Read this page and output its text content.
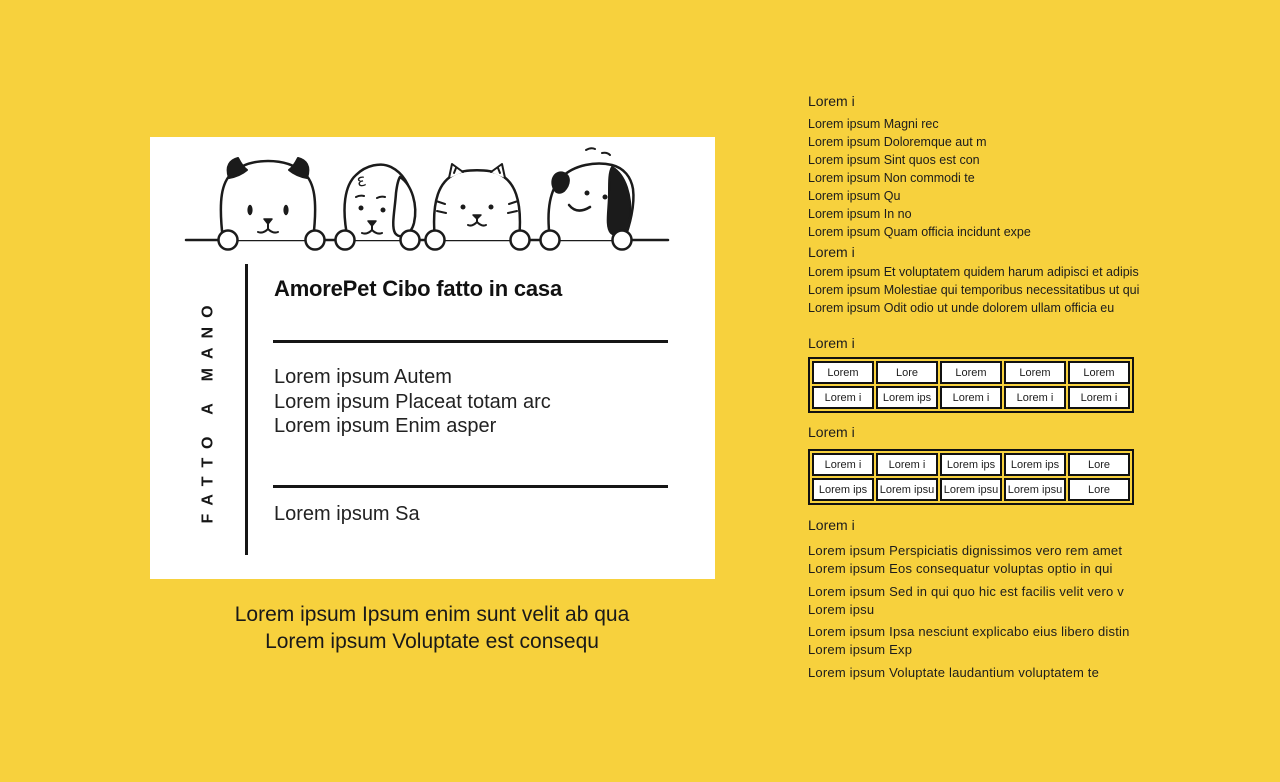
ε
FATTO A MANO
AmorePet Cibo fatto in casa
Lorem ipsum Autem
Lorem ipsum Placeat totam arc
Lorem ipsum Enim asper
Lorem ipsum Sa
Lorem ipsum Ipsum enim sunt velit ab qua
Lorem ipsum Voluptate est consequ
Lorem i
Lorem ipsum Magni rec
Lorem ipsum Doloremque aut m
Lorem ipsum Sint quos est con
Lorem ipsum Non commodi te
Lorem ipsum Qu
Lorem ipsum In no
Lorem ipsum Quam officia incidunt expe
Lorem i
Lorem ipsum Et voluptatem quidem harum adipisci et adipis
Lorem ipsum Molestiae qui temporibus necessitatibus ut qui
Lorem ipsum Odit odio ut unde dolorem ullam officia eu
Lorem i
Lorem	Lore	Lorem	Lorem	Lorem
Lorem i	Lorem ips	Lorem i	Lorem i	Lorem i
Lorem i
Lorem i	Lorem i	Lorem ips	Lorem ips	Lore
Lorem ips	Lorem ipsu	Lorem ipsu	Lorem ipsu	Lore
Lorem i
Lorem ipsum Perspiciatis dignissimos vero rem amet
Lorem ipsum Eos consequatur voluptas optio in qui
Lorem ipsum Sed in qui quo hic est facilis velit vero v
Lorem ipsu
Lorem ipsum Ipsa nesciunt explicabo eius libero distin
Lorem ipsum Exp
Lorem ipsum Voluptate laudantium voluptatem te
